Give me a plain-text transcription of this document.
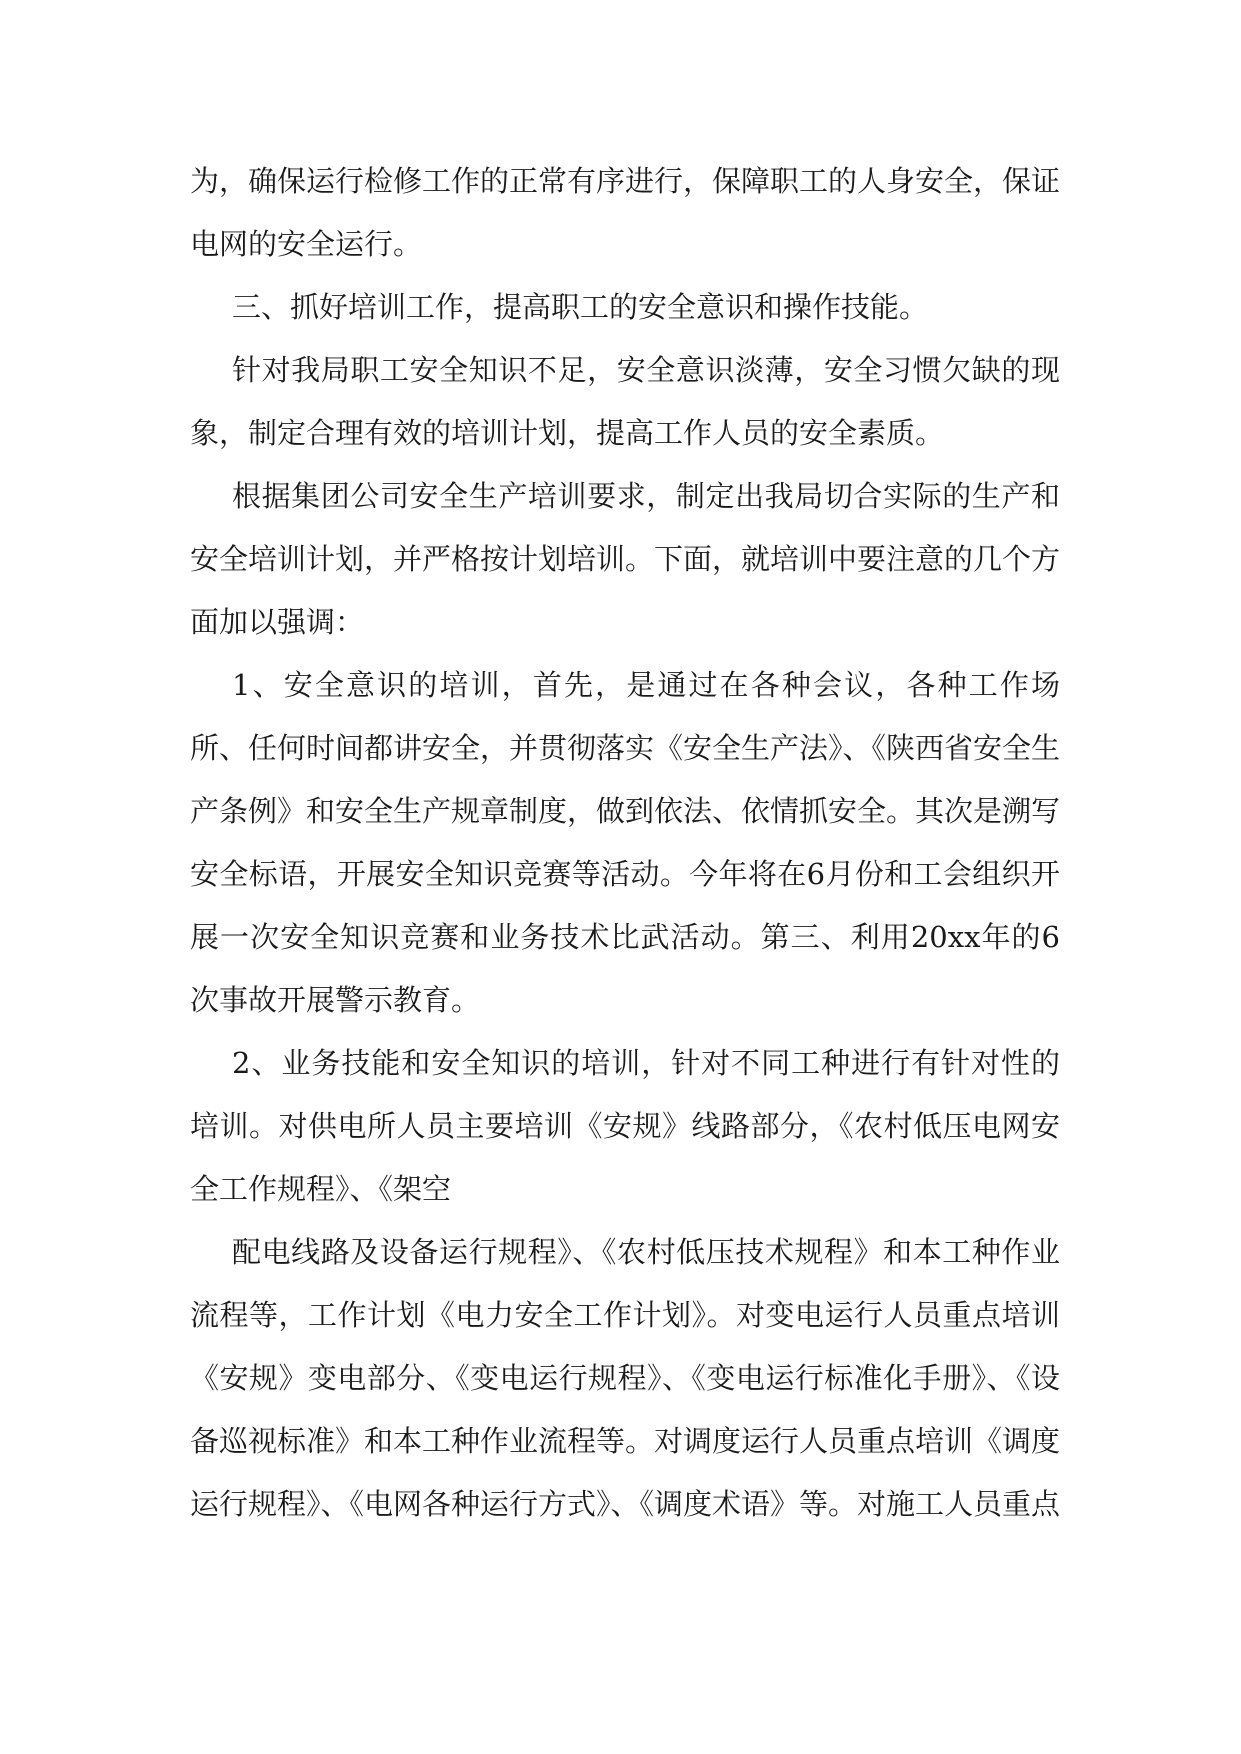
为，确保运行检修工作的正常有序进行，保障职工的人身安全，保证电网的安全运行。

三、抓好培训工作，提高职工的安全意识和操作技能。

针对我局职工安全知识不足，安全意识淡薄，安全习惯欠缺的现象，制定合理有效的培训计划，提高工作人员的安全素质。

根据集团公司安全生产培训要求，制定出我局切合实际的生产和安全培训计划，并严格按计划培训。下面，就培训中要注意的几个方面加以强调：

1、安全意识的培训，首先，是通过在各种会议，各种工作场所、任何时间都讲安全，并贯彻落实《安全生产法》、《陕西省安全生产条例》和安全生产规章制度，做到依法、依情抓安全。其次是溯写安全标语，开展安全知识竞赛等活动。今年将在6月份和工会组织开展一次安全知识竞赛和业务技术比武活动。第三、利用20xx年的6次事故开展警示教育。

2、业务技能和安全知识的培训，针对不同工种进行有针对性的培训。对供电所人员主要培训《安规》线路部分，《农村低压电网安全工作规程》、《架空

配电线路及设备运行规程》、《农村低压技术规程》和本工种作业流程等，工作计划《电力安全工作计划》。对变电运行人员重点培训《安规》变电部分、《变电运行规程》、《变电运行标准化手册》、《设备巡视标准》和本工种作业流程等。对调度运行人员重点培训《调度运行规程》、《电网各种运行方式》、《调度术语》等。对施工人员重点
